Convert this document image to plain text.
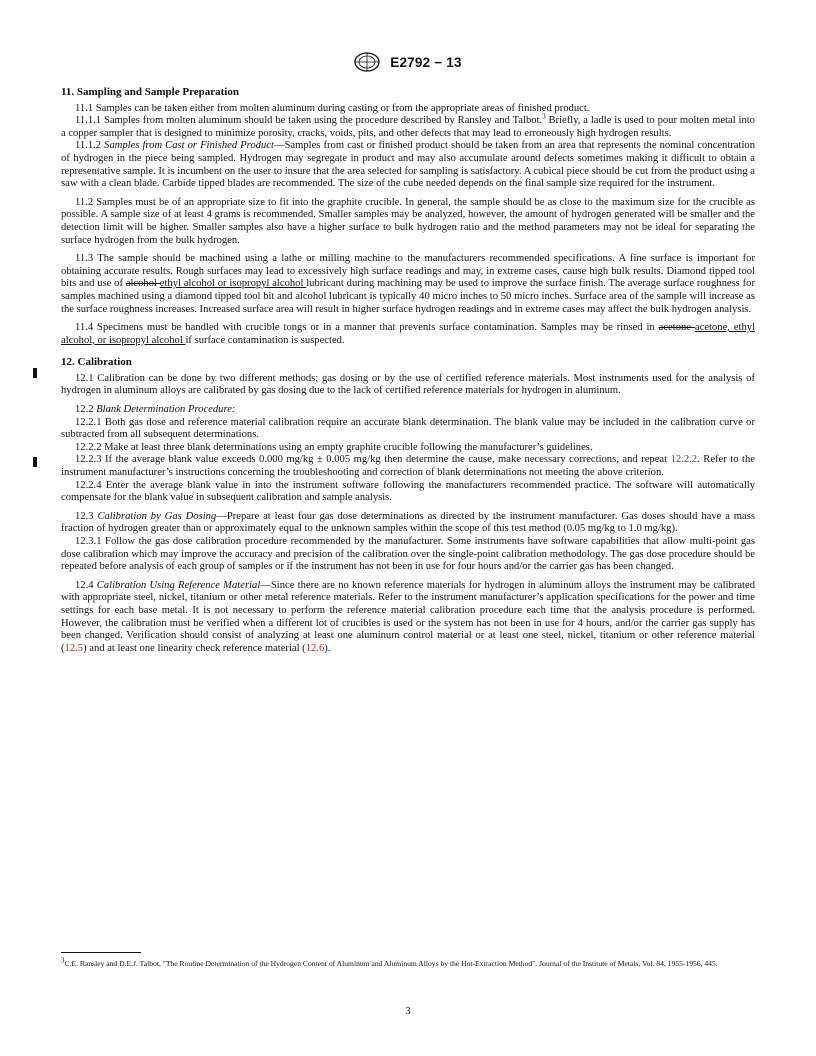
E2792 − 13
11. Sampling and Sample Preparation

11.1 Samples can be taken either from molten aluminum during casting or from the appropriate areas of finished product.

11.1.1 Samples from molten aluminum should be taken using the procedure described by Ransley and Talbot.$^3$ Briefly, a ladle is used to pour molten metal into a copper sampler that is designed to minimize porosity, cracks, voids, pits, and other defects that may lead to erroneously high hydrogen results.

11.1.2 Samples from Cast or Finished Product—Samples from cast or finished product should be taken from an area that represents the nominal concentration of hydrogen in the piece being sampled. Hydrogen may segregate in product and may also accumulate around defects sometimes making it difficult to obtain a representative sample. It is incumbent on the user to insure that the area selected for sampling is satisfactory. A cubical piece should be cut from the product using a saw with a clean blade. Carbide tipped blades are recommended. The size of the cube needed depends on the final sample size required for the instrument.

11.2 Samples must be of an appropriate size to fit into the graphite crucible. In general, the sample should be as close to the maximum size for the crucible as possible. A sample size of at least 4 grams is recommended. Smaller samples may be analyzed, however, the amount of hydrogen generated will be smaller and the detection limit will be higher. Smaller samples also have a higher surface to bulk hydrogen ratio and the method parameters may not be ideal for separating the surface hydrogen from the bulk hydrogen.

11.3 The sample should be machined using a lathe or milling machine to the manufacturers recommended specifications. A fine surface is important for obtaining accurate results. Rough surfaces may lead to excessively high surface readings and may, in extreme cases, cause high bulk results. Diamond tipped tool bits and use of alcohol ethyl alcohol or isopropyl alcohol lubricant during machining may be used to improve the surface finish. The average surface roughness for samples machined using a diamond tipped tool bit and alcohol lubricant is typically 40 micro inches to 50 micro inches. Surface area of the sample will increase as the surface roughness increases. Increased surface area will result in higher surface hydrogen readings and in extreme cases may affect the bulk hydrogen analysis.

11.4 Specimens must be handled with crucible tongs or in a manner that prevents surface contamination. Samples may be rinsed in acetone acetone, ethyl alcohol, or isopropyl alcohol if surface contamination is suspected.

12. Calibration

12.1 Calibration can be done by two different methods; gas dosing or by the use of certified reference materials. Most instruments used for the analysis of hydrogen in aluminum alloys are calibrated by gas dosing due to the lack of certified reference materials for hydrogen in aluminum.

12.2 Blank Determination Procedure:

12.2.1 Both gas dose and reference material calibration require an accurate blank determination. The blank value may be included in the calibration curve or subtracted from all subsequent determinations.

12.2.2 Make at least three blank determinations using an empty graphite crucible following the manufacturer’s guidelines.

12.2.3 If the average blank value exceeds 0.000 mg/kg ± 0.005 mg/kg then determine the cause, make necessary corrections, and repeat 12.2.2. Refer to the instrument manufacturer’s instructions concerning the troubleshooting and correction of blank determinations not meeting the above criterion.

12.2.4 Enter the average blank value in into the instrument software following the manufacturers recommended practice. The software will automatically compensate for the blank value in subsequent calibration and sample analysis.

12.3 Calibration by Gas Dosing—Prepare at least four gas dose determinations as directed by the instrument manufacturer. Gas doses should have a mass fraction of hydrogen greater than or approximately equal to the unknown samples within the scope of this test method (0.05 mg/kg to 1.0 mg/kg).

12.3.1 Follow the gas dose calibration procedure recommended by the manufacturer. Some instruments have software capabilities that allow multi-point gas dose calibration which may improve the accuracy and precision of the calibration over the single-point calibration methodology. The gas dose procedure should be repeated before analysis of each group of samples or if the instrument has not been in use for four hours and/or the carrier gas has been changed.

12.4 Calibration Using Reference Material—Since there are no known reference materials for hydrogen in aluminum alloys the instrument may be calibrated with appropriate steel, nickel, titanium or other metal reference materials. Refer to the instrument manufacturer’s application specifications for the power and time settings for each base metal. It is not necessary to perform the reference material calibration procedure each time that the analysis procedure is performed. However, the calibration must be verified when a different lot of crucibles is used or the system has not been in use for 4 hours, and/or the carrier gas supply has been changed. Verification should consist of analyzing at least one aluminum control material or at least one steel, nickel, titanium or other reference material (12.5) and at least one linearity check reference material (12.6).

$^3$C.E. Ransley and D.E.J. Talbot, "The Routine Determination of the Hydrogen Content of Aluminum and Aluminum Alloys by the Hot-Extraction Method". Journal of the Institute of Metals, Vol. 84, 1955-1956, 445.
3
